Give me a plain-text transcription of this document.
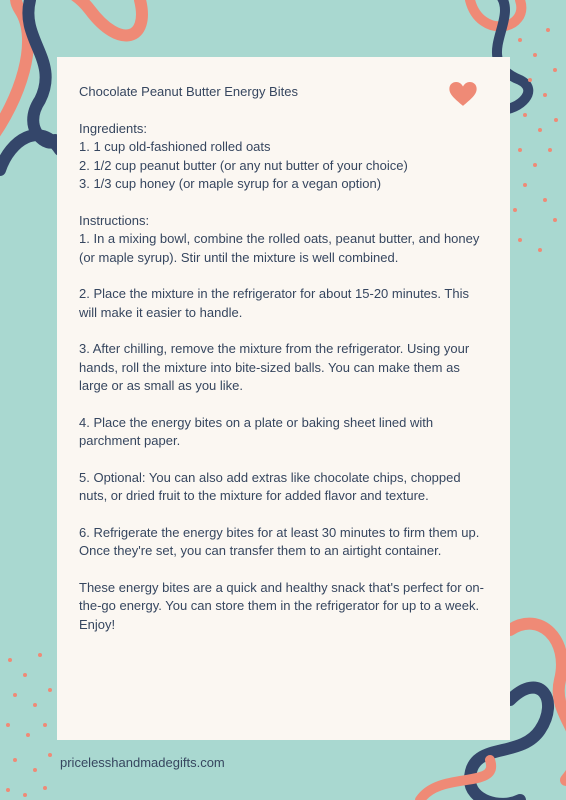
Chocolate Peanut Butter Energy Bites
Ingredients:
1. 1 cup old-fashioned rolled oats
2. 1/2 cup peanut butter (or any nut butter of your choice)
3. 1/3 cup honey (or maple syrup for a vegan option)
Instructions:

1. In a mixing bowl, combine the rolled oats, peanut butter, and honey (or maple syrup). Stir until the mixture is well combined.

2. Place the mixture in the refrigerator for about 15-20 minutes. This will make it easier to handle.

3. After chilling, remove the mixture from the refrigerator. Using your hands, roll the mixture into bite-sized balls. You can make them as large or as small as you like.

4. Place the energy bites on a plate or baking sheet lined with parchment paper.

5. Optional: You can also add extras like chocolate chips, chopped nuts, or dried fruit to the mixture for added flavor and texture.

6. Refrigerate the energy bites for at least 30 minutes to firm them up. Once they're set, you can transfer them to an airtight container.

These energy bites are a quick and healthy snack that's perfect for on-the-go energy. You can store them in the refrigerator for up to a week. Enjoy!

pricelesshandmadegifts.com
